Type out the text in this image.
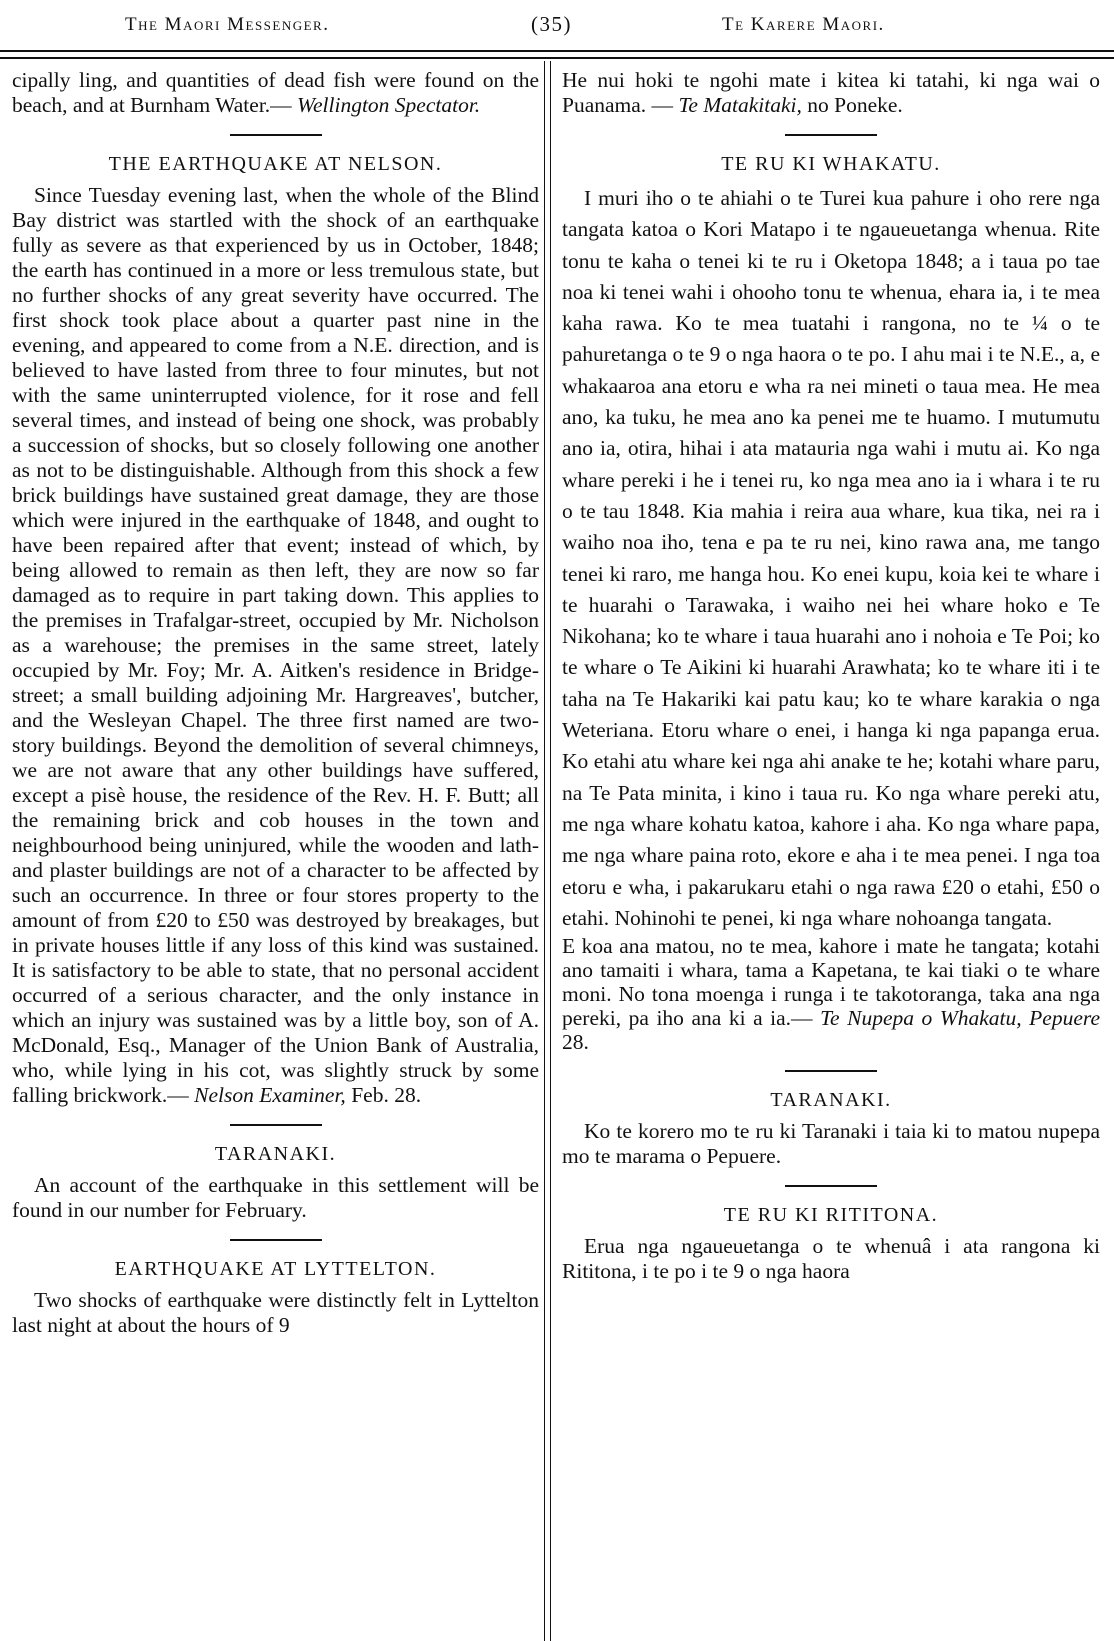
The Maori Messenger.	(35)	Te Karere Maori.

cipally ling, and quantities of dead fish were found on the beach, and at Burnham Water.— Wellington Spectator.

THE EARTHQUAKE AT NELSON.

Since Tuesday evening last, when the whole of the Blind Bay district was startled with the shock of an earthquake fully as severe as that experienced by us in October, 1848; the earth has continued in a more or less tremulous state, but no further shocks of any great severity have occurred. The first shock took place about a quarter past nine in the evening, and appeared to come from a N.E. direction, and is believed to have lasted from three to four minutes, but not with the same uninterrupted violence, for it rose and fell several times, and instead of being one shock, was probably a succession of shocks, but so closely following one another as not to be distinguishable. Although from this shock a few brick buildings have sustained great damage, they are those which were injured in the earthquake of 1848, and ought to have been repaired after that event; instead of which, by being allowed to remain as then left, they are now so far damaged as to require in part taking down. This applies to the premises in Trafalgar-street, occupied by Mr. Nicholson as a warehouse; the premises in the same street, lately occupied by Mr. Foy; Mr. A. Aitken's residence in Bridge-street; a small building adjoining Mr. Hargreaves', butcher, and the Wesleyan Chapel. The three first named are two-story buildings. Beyond the demolition of several chimneys, we are not aware that any other buildings have suffered, except a pisè house, the residence of the Rev. H. F. Butt; all the remaining brick and cob houses in the town and neighbourhood being uninjured, while the wooden and lath-and plaster buildings are not of a character to be affected by such an occurrence. In three or four stores property to the amount of from £20 to £50 was destroyed by breakages, but in private houses little if any loss of this kind was sustained. It is satisfactory to be able to state, that no personal accident occurred of a serious character, and the only instance in which an injury was sustained was by a little boy, son of A. McDonald, Esq., Manager of the Union Bank of Australia, who, while lying in his cot, was slightly struck by some falling brickwork.— Nelson Examiner, Feb. 28.

TARANAKI.

An account of the earthquake in this settlement will be found in our number for February.

EARTHQUAKE AT LYTTELTON.

Two shocks of earthquake were distinctly felt in Lyttelton last night at about the hours of 9

He nui hoki te ngohi mate i kitea ki tatahi, ki nga wai o Puanama. — Te Matakitaki, no Poneke.

TE RU KI WHAKATU.

I muri iho o te ahiahi o te Turei kua pahure i oho rere nga tangata katoa o Kori Matapo i te ngaueuetanga whenua. Rite tonu te kaha o tenei ki te ru i Oketopa 1848; a i taua po tae noa ki tenei wahi i ohooho tonu te whenua, ehara ia, i te mea kaha rawa. Ko te mea tuatahi i rangona, no te ¼ o te pahuretanga o te 9 o nga haora o te po. I ahu mai i te N.E., a, e whakaaroa ana etoru e wha ra nei mineti o taua mea. He mea ano, ka tuku, he mea ano ka penei me te huamo. I mutumutu ano ia, otira, hihai i ata matauria nga wahi i mutu ai. Ko nga whare pereki i he i tenei ru, ko nga mea ano ia i whara i te ru o te tau 1848. Kia mahia i reira aua whare, kua tika, nei ra i waiho noa iho, tena e pa te ru nei, kino rawa ana, me tango tenei ki raro, me hanga hou. Ko enei kupu, koia kei te whare i te huarahi o Tarawaka, i waiho nei hei whare hoko e Te Nikohana; ko te whare i taua huarahi ano i nohoia e Te Poi; ko te whare o Te Aikini ki huarahi Arawhata; ko te whare iti i te taha na Te Hakariki kai patu kau; ko te whare karakia o nga Weteriana. Etoru whare o enei, i hanga ki nga papanga erua. Ko etahi atu whare kei nga ahi anake te he; kotahi whare paru, na Te Pata minita, i kino i taua ru. Ko nga whare pereki atu, me nga whare kohatu katoa, kahore i aha. Ko nga whare papa, me nga whare paina roto, ekore e aha i te mea penei. I nga toa etoru e wha, i pakarukaru etahi o nga rawa £20 o etahi, £50 o etahi. Nohinohi te penei, ki nga whare nohoanga tangata.

E koa ana matou, no te mea, kahore i mate he tangata; kotahi ano tamaiti i whara, tama a Kapetana, te kai tiaki o te whare moni. No tona moenga i runga i te takotoranga, taka ana nga pereki, pa iho ana ki a ia.— Te Nupepa o Whakatu, Pepuere 28.

TARANAKI.

Ko te korero mo te ru ki Taranaki i taia ki to matou nupepa mo te marama o Pepuere.

TE RU KI RITITONA.

Erua nga ngaueuetanga o te whenuâ i ata rangona ki Rititona, i te po i te 9 o nga haora
